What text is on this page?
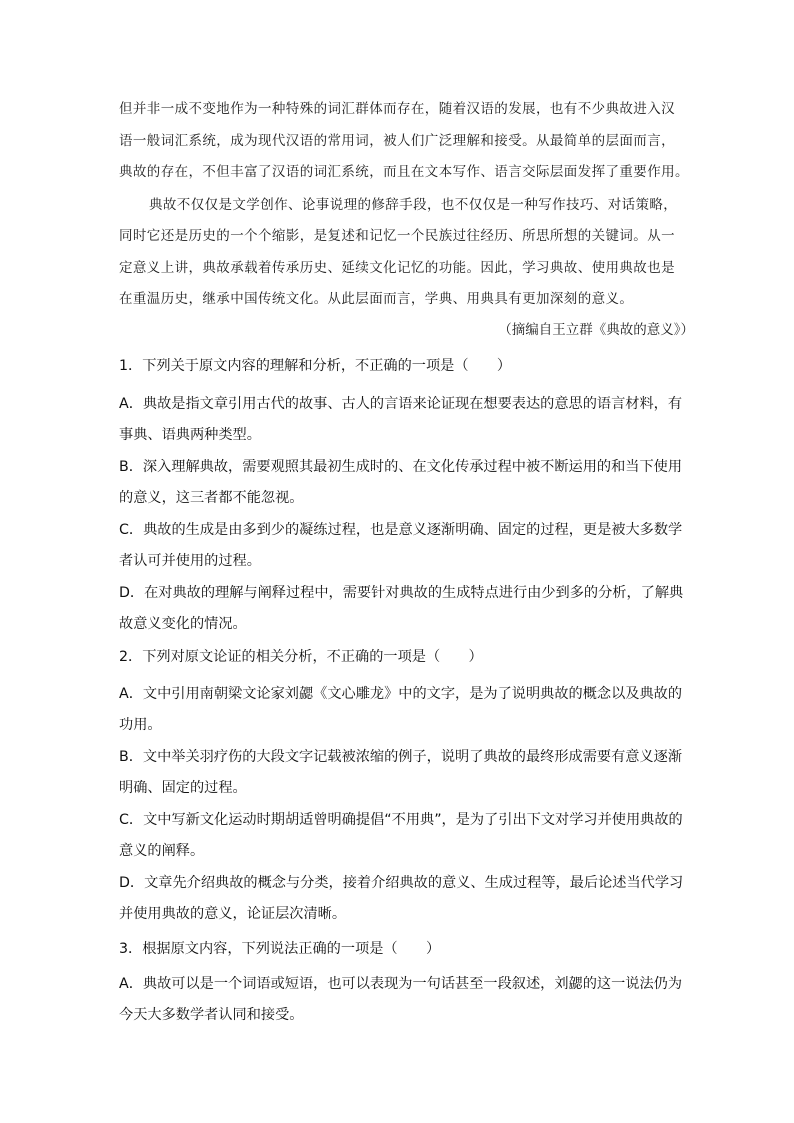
但并非一成不变地作为一种特殊的词汇群体而存在，随着汉语的发展，也有不少典故进入汉
语一般词汇系统，成为现代汉语的常用词，被人们广泛理解和接受。从最简单的层面而言，
典故的存在，不但丰富了汉语的词汇系统，而且在文本写作、语言交际层面发挥了重要作用。
典故不仅仅是文学创作、论事说理的修辞手段，也不仅仅是一种写作技巧、对话策略，
同时它还是历史的一个个缩影，是复述和记忆一个民族过往经历、所思所想的关键词。从一
定意义上讲，典故承载着传承历史、延续文化记忆的功能。因此，学习典故、使用典故也是
在重温历史，继承中国传统文化。从此层面而言，学典、用典具有更加深刻的意义。
（摘编自王立群《典故的意义》）
1．下列关于原文内容的理解和分析，不正确的一项是（　　）
A．典故是指文章引用古代的故事、古人的言语来论证现在想要表达的意思的语言材料，有
事典、语典两种类型。
B．深入理解典故，需要观照其最初生成时的、在文化传承过程中被不断运用的和当下使用
的意义，这三者都不能忽视。
C．典故的生成是由多到少的凝练过程，也是意义逐渐明确、固定的过程，更是被大多数学
者认可并使用的过程。
D．在对典故的理解与阐释过程中，需要针对典故的生成特点进行由少到多的分析，了解典
故意义变化的情况。
2．下列对原文论证的相关分析，不正确的一项是（　　）
A．文中引用南朝梁文论家刘勰《文心雕龙》中的文字，是为了说明典故的概念以及典故的
功用。
B．文中举关羽疗伤的大段文字记载被浓缩的例子，说明了典故的最终形成需要有意义逐渐
明确、固定的过程。
C．文中写新文化运动时期胡适曾明确提倡“不用典”，是为了引出下文对学习并使用典故的
意义的阐释。
D．文章先介绍典故的概念与分类，接着介绍典故的意义、生成过程等，最后论述当代学习
并使用典故的意义，论证层次清晰。
3．根据原文内容，下列说法正确的一项是（　　）
A．典故可以是一个词语或短语，也可以表现为一句话甚至一段叙述，刘勰的这一说法仍为
今天大多数学者认同和接受。
